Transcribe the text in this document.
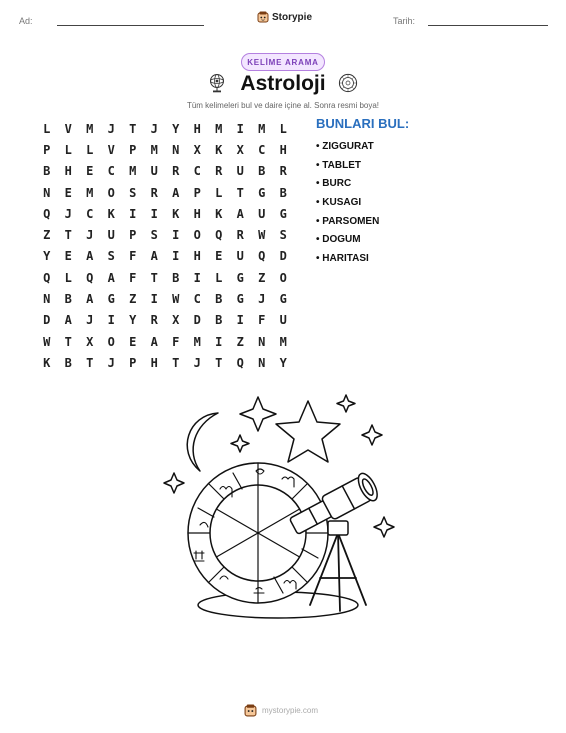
Ad:	Storypie	Tarih:
KELİME ARAMA
Astroloji
Tüm kelimeleri bul ve daire içine al. Sonra resmi boya!
L	V	M	J	T	J	Y	H	M	I	M	L
P	L	L	V	P	M	N	X	K	X	C	H
B	H	E	C	M	U	R	C	R	U	B	R
N	E	M	O	S	R	A	P	L	T	G	B
Q	J	C	K	I	I	K	H	K	A	U	G
Z	T	J	U	P	S	I	O	Q	R	W	S
Y	E	A	S	F	A	I	H	E	U	Q	D
Q	L	Q	A	F	T	B	I	L	G	Z	O
N	B	A	G	Z	I	W	C	B	G	J	G
D	A	J	I	Y	R	X	D	B	I	F	U
W	T	X	O	E	A	F	M	I	Z	N	M
K	B	T	J	P	H	T	J	T	Q	N	Y
BUNLARI BUL:
• ZIGGURAT
• TABLET
• BURC
• KUSAGI
• PARSOMEN
• DOGUM
• HARITASI
mystorypie.com
